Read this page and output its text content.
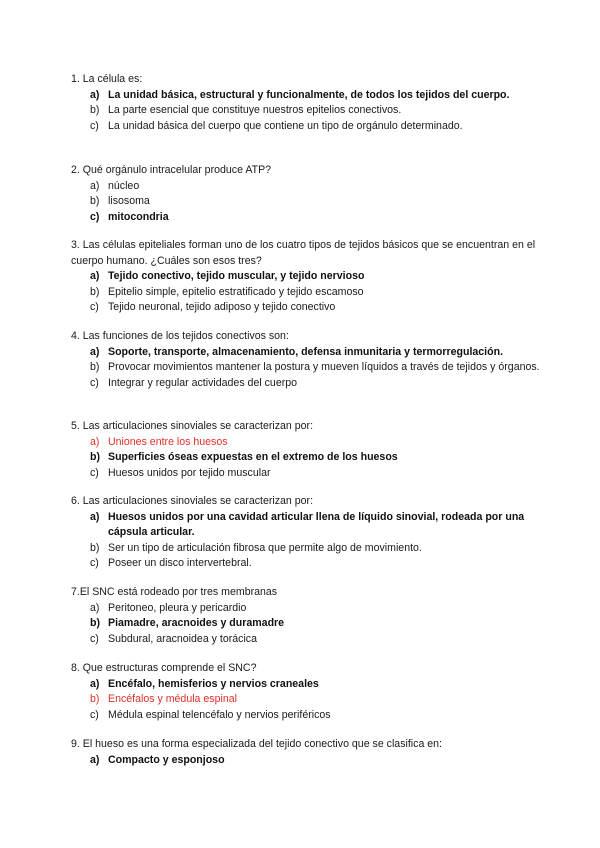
1. La célula es:

a) La unidad básica, estructural y funcionalmente, de todos los tejidos del cuerpo.
b) La parte esencial que constituye nuestros epitelios conectivos.
c) La unidad básica del cuerpo que contiene un tipo de orgánulo determinado.

2. Qué orgánulo intracelular produce ATP?

a) núcleo
b) lisosoma
c) mitocondria

3. Las células epiteliales forman uno de los cuatro tipos de tejidos básicos que se encuentran en el cuerpo humano. ¿Cuáles son esos tres?

a) Tejido conectivo, tejido muscular, y tejido nervioso
b) Epitelio simple, epitelio estratificado y tejido escamoso
c) Tejido neuronal, tejido adiposo y tejido conectivo

4. Las funciones de los tejidos conectivos son:

a) Soporte, transporte, almacenamiento, defensa inmunitaria y termorregulación.
b) Provocar movimientos mantener la postura y mueven líquidos a través de tejidos y órganos.
c) Integrar y regular actividades del cuerpo

5. Las articulaciones sinoviales se caracterizan por:

a) Uniones entre los huesos
b) Superficies óseas expuestas en el extremo de los huesos
c) Huesos unidos por tejido muscular

6. Las articulaciones sinoviales se caracterizan por:

a) Huesos unidos por una cavidad articular llena de líquido sinovial, rodeada por una cápsula articular.
b) Ser un tipo de articulación fibrosa que permite algo de movimiento.
c) Poseer un disco intervertebral.

7.El SNC está rodeado por tres membranas

a) Peritoneo, pleura y pericardio
b) Piamadre, aracnoides y duramadre
c) Subdural, aracnoidea y torácica

8. Que estructuras comprende el SNC?

a) Encéfalo, hemisferios y nervios craneales
b) Encéfalos y médula espinal
c) Médula espinal telencéfalo y nervios periféricos

9. El hueso es una forma especializada del tejido conectivo que se clasifica en:

a) Compacto y esponjoso
